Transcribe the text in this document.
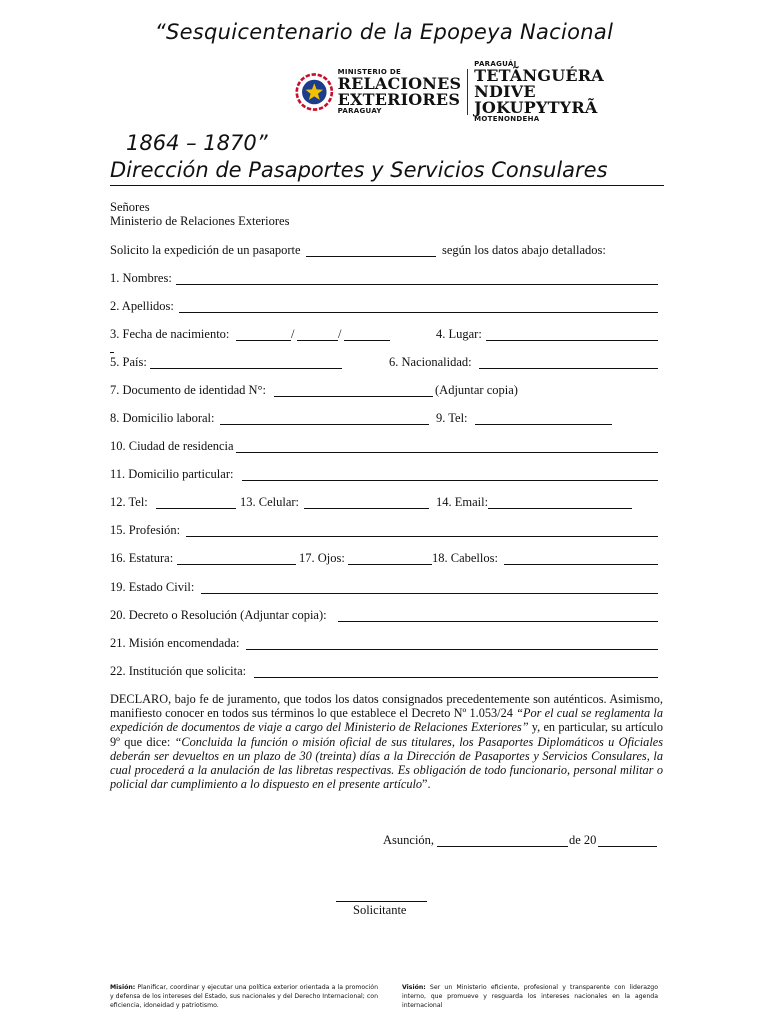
“Sesquicentenario de la Epopeya Nacional
MINISTERIO DE
RELACIONES
EXTERIORES
PARAGUAY
PARAGUÁI
TETÃNGUÉRA NDIVE
JOKUPYTYRÃ
MOTENONDEHA
1864 – 1870”
Dirección de Pasaportes y Servicios Consulares
Señores
Ministerio de Relaciones Exteriores
Solicito la expedición de un pasaporte	según los datos abajo detallados:
1. Nombres:
2. Apellidos:
3. Fecha de nacimiento:	/	/	4. Lugar:
5. País:	6. Nacionalidad:
7. Documento de identidad N°:	(Adjuntar copia)
8. Domicilio laboral:	9. Tel:
10. Ciudad de residencia
11. Domicilio particular:
12. Tel:	13. Celular:	14. Email:
15. Profesión:
16. Estatura:	17. Ojos:	18. Cabellos:
19. Estado Civil:
20. Decreto o Resolución (Adjuntar copia):
21. Misión encomendada:
22. Institución que solicita:
DECLARO, bajo fe de juramento, que todos los datos consignados precedentemente son auténticos. Asimismo, manifiesto conocer en todos sus términos lo que establece el Decreto Nº 1.053/24 “Por el cual se reglamenta la expedición de documentos de viaje a cargo del Ministerio de Relaciones Exteriores” y, en particular, su artículo 9º que dice: “Concluida la función o misión oficial de sus titulares, los Pasaportes Diplomáticos u Oficiales deberán ser devueltos en un plazo de 30 (treinta) días a la Dirección de Pasaportes y Servicios Consulares, la cual procederá a la anulación de las libretas respectivas. Es obligación de todo funcionario, personal militar o policial dar cumplimiento a lo dispuesto en el presente artículo”.
Asunción,	de 20
Solicitante
Misión: Planificar, coordinar y ejecutar una política exterior orientada a la promoción y defensa de los intereses del Estado, sus nacionales y del Derecho Internacional; con eficiencia, idoneidad y patriotismo.
Visión: Ser un Ministerio eficiente, profesional y transparente con liderazgo interno, que promueve y resguarda los intereses nacionales en la agenda internacional
